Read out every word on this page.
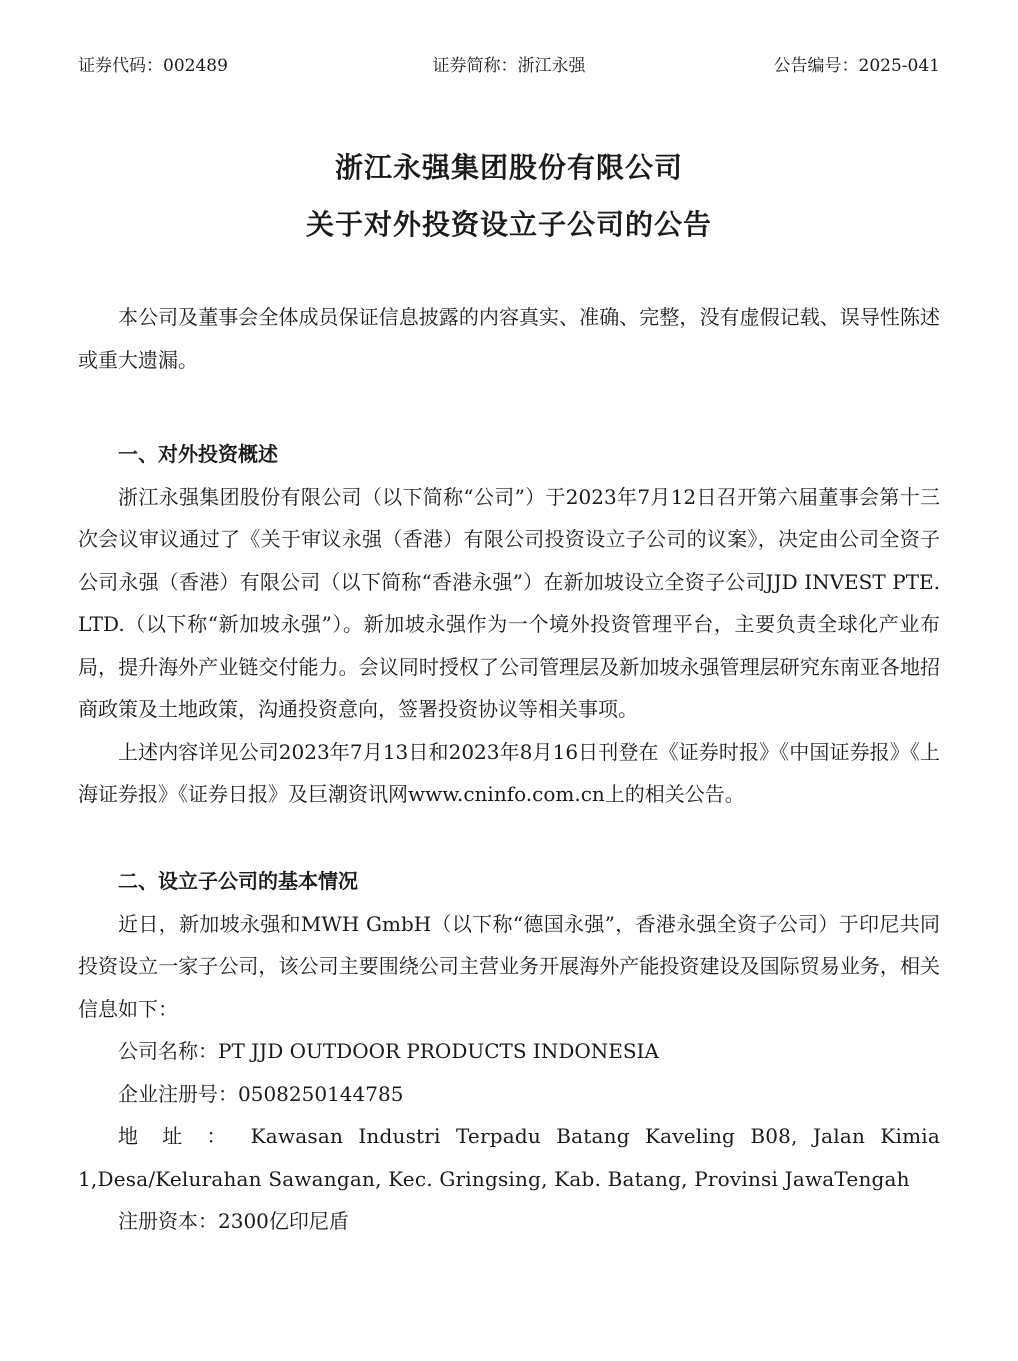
证券代码：002489	证券简称：浙江永强	公告编号：2025-041
浙江永强集团股份有限公司
关于对外投资设立子公司的公告

本公司及董事会全体成员保证信息披露的内容真实、准确、完整，没有虚假记载、误导性陈述或重大遗漏。

一、对外投资概述

浙江永强集团股份有限公司（以下简称“公司”）于2023年7月12日召开第六届董事会第十三次会议审议通过了《关于审议永强（香港）有限公司投资设立子公司的议案》，决定由公司全资子公司永强（香港）有限公司（以下简称“香港永强”）在新加坡设立全资子公司JJD INVEST PTE. LTD.（以下称“新加坡永强”）。新加坡永强作为一个境外投资管理平台，主要负责全球化产业布局，提升海外产业链交付能力。会议同时授权了公司管理层及新加坡永强管理层研究东南亚各地招商政策及土地政策，沟通投资意向，签署投资协议等相关事项。

上述内容详见公司2023年7月13日和2023年8月16日刊登在《证券时报》《中国证券报》《上海证券报》《证券日报》及巨潮资讯网www.cninfo.com.cn上的相关公告。

二、设立子公司的基本情况

近日，新加坡永强和MWH GmbH（以下称“德国永强”，香港永强全资子公司）于印尼共同投资设立一家子公司，该公司主要围绕公司主营业务开展海外产能投资建设及国际贸易业务，相关信息如下：

公司名称：PT JJD OUTDOOR PRODUCTS INDONESIA

企业注册号：0508250144785

地 址 ： Kawasan Industri Terpadu Batang Kaveling B08, Jalan Kimia 1,Desa/Kelurahan Sawangan, Kec. Gringsing, Kab. Batang, Provinsi JawaTengah

注册资本：2300亿印尼盾
